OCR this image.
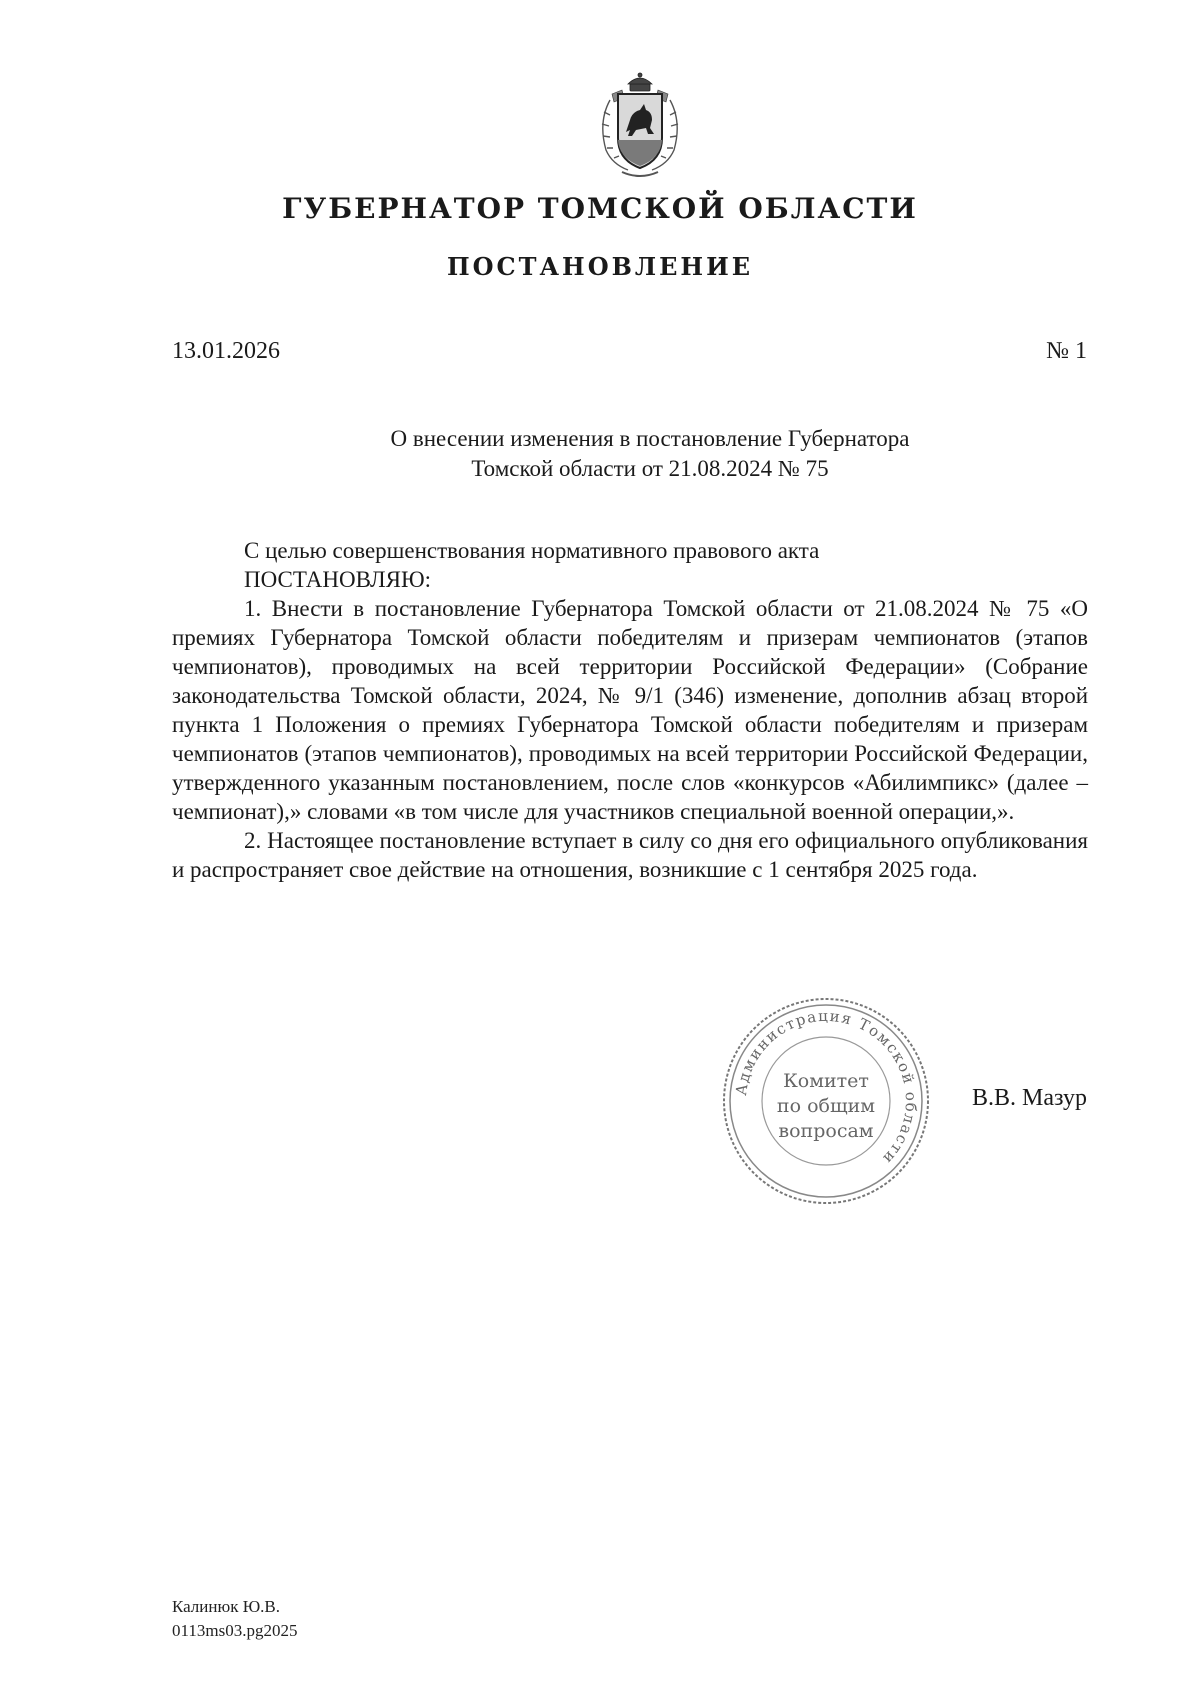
ГУБЕРНАТОР ТОМСКОЙ ОБЛАСТИ
ПОСТАНОВЛЕНИЕ
13.01.2026	№ 1
О внесении изменения в постановление Губернатора
Томской области от 21.08.2024 № 75

С целью совершенствования нормативного правового акта

ПОСТАНОВЛЯЮ:

1. Внести в постановление Губернатора Томской области от 21.08.2024 № 75 «О премиях Губернатора Томской области победителям и призерам чемпионатов (этапов чемпионатов), проводимых на всей территории Российской Федерации» (Собрание законодательства Томской области, 2024, № 9/1 (346) изменение, дополнив абзац второй пункта 1 Положения о премиях Губернатора Томской области победителям и призерам чемпионатов (этапов чемпионатов), проводимых на всей территории Российской Федерации, утвержденного указанным постановлением, после слов «конкурсов «Абилимпикс» (далее – чемпионат),» словами «в том числе для участников специальной военной операции,».

2. Настоящее постановление вступает в силу со дня его официального опубликования и распространяет свое действие на отношения, возникшие с 1 сентября 2025 года.

Администрация Томской области
Комитет
по общим
вопросам
В.В. Мазур
Калинюк Ю.В.
0113ms03.pg2025
